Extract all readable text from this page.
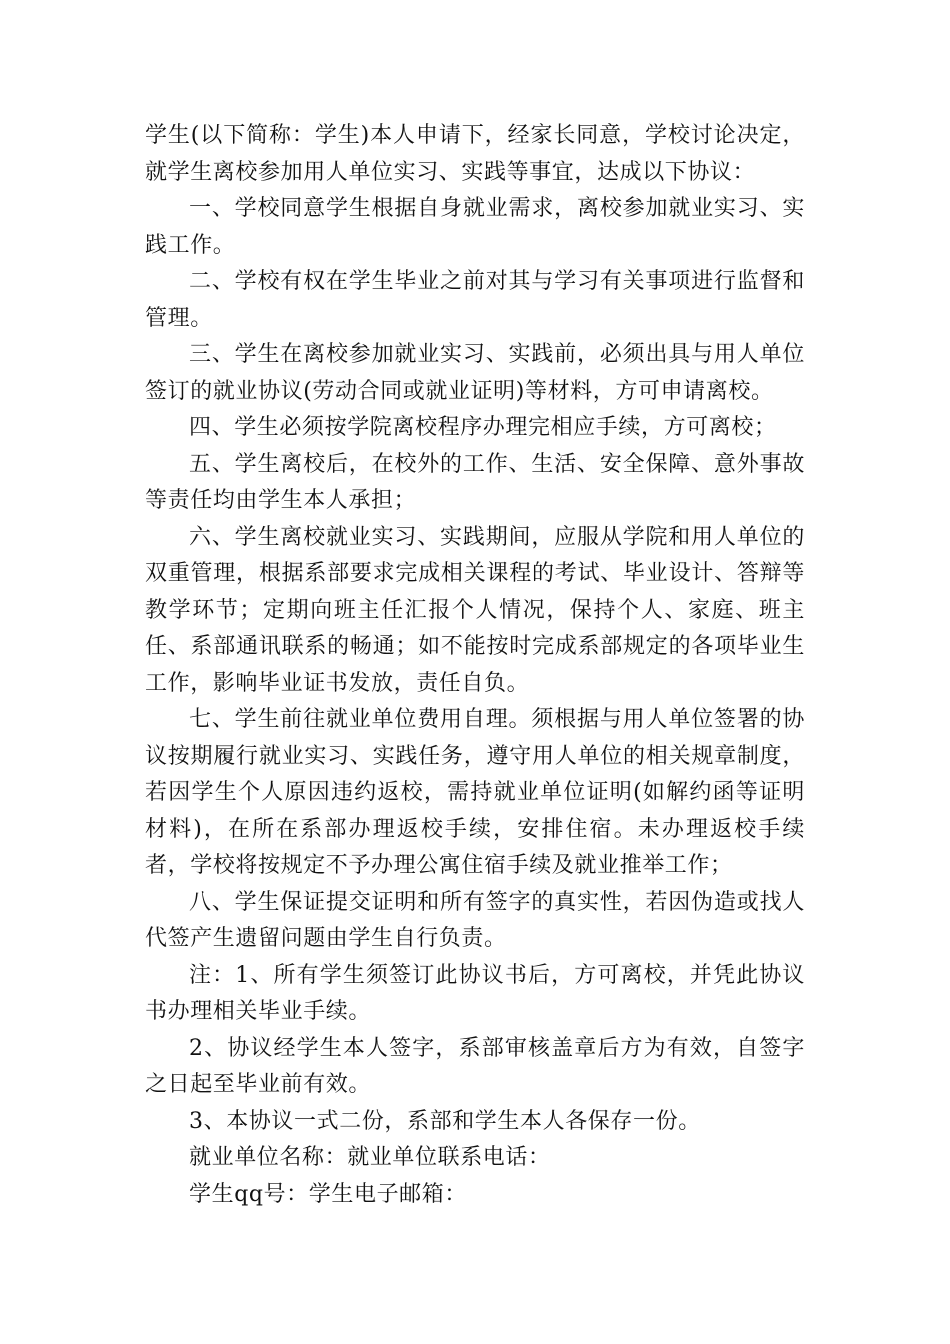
学生(以下简称：学生)本人申请下，经家长同意，学校讨论决定，就学生离校参加用人单位实习、实践等事宜，达成以下协议：

一、学校同意学生根据自身就业需求，离校参加就业实习、实践工作。

二、学校有权在学生毕业之前对其与学习有关事项进行监督和管理。

三、学生在离校参加就业实习、实践前，必须出具与用人单位签订的就业协议(劳动合同或就业证明)等材料，方可申请离校。

四、学生必须按学院离校程序办理完相应手续，方可离校；

五、学生离校后，在校外的工作、生活、安全保障、意外事故等责任均由学生本人承担；

六、学生离校就业实习、实践期间，应服从学院和用人单位的双重管理，根据系部要求完成相关课程的考试、毕业设计、答辩等教学环节；定期向班主任汇报个人情况，保持个人、家庭、班主任、系部通讯联系的畅通；如不能按时完成系部规定的各项毕业生工作，影响毕业证书发放，责任自负。

七、学生前往就业单位费用自理。须根据与用人单位签署的协议按期履行就业实习、实践任务，遵守用人单位的相关规章制度，若因学生个人原因违约返校，需持就业单位证明(如解约函等证明材料)，在所在系部办理返校手续，安排住宿。未办理返校手续者，学校将按规定不予办理公寓住宿手续及就业推举工作；

八、学生保证提交证明和所有签字的真实性，若因伪造或找人代签产生遗留问题由学生自行负责。

注：1、所有学生须签订此协议书后，方可离校，并凭此协议书办理相关毕业手续。

2、协议经学生本人签字，系部审核盖章后方为有效，自签字之日起至毕业前有效。

3、本协议一式二份，系部和学生本人各保存一份。

就业单位名称：就业单位联系电话：

学生qq号：学生电子邮箱：
